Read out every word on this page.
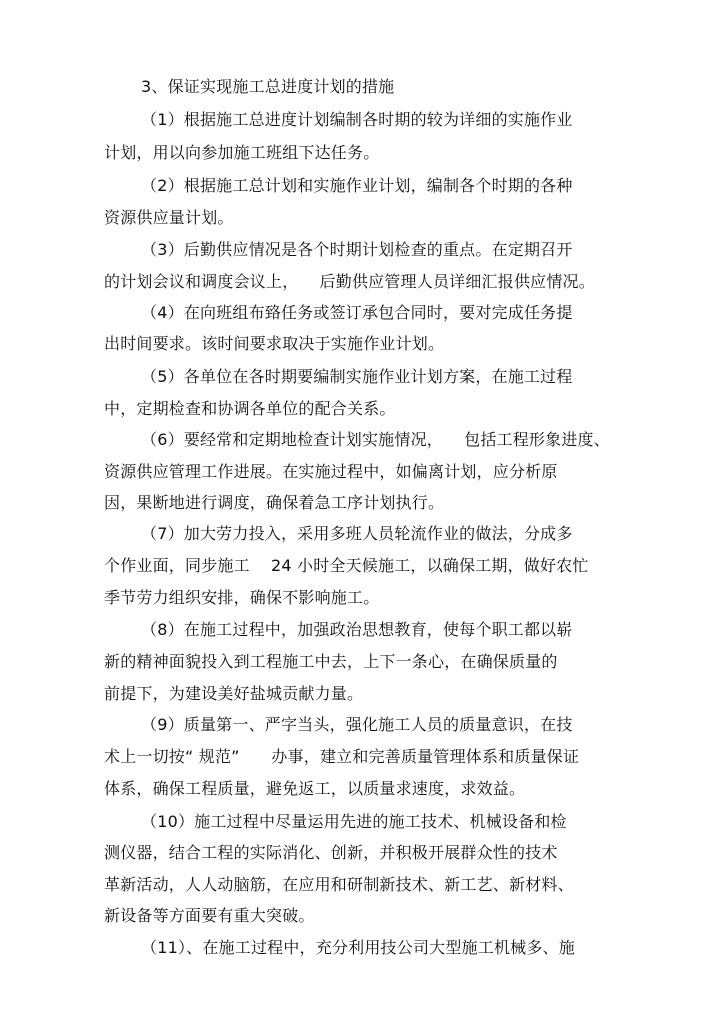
3、保证实现施工总进度计划的措施
（1）根据施工总进度计划编制各时期的较为详细的实施作业
计划，用以向参加施工班组下达任务。
（2）根据施工总计划和实施作业计划，编制各个时期的各种
资源供应量计划。
（3）后勤供应情况是各个时期计划检查的重点。在定期召开
的计划会议和调度会议上，    后勤供应管理人员详细汇报供应情况。
（4）在向班组布臵任务或签订承包合同时，要对完成任务提
出时间要求。该时间要求取决于实施作业计划。
（5）各单位在各时期要编制实施作业计划方案，在施工过程
中，定期检查和协调各单位的配合关系。
（6）要经常和定期地检查计划实施情况，    包括工程形象进度、
资源供应管理工作进展。在实施过程中，如偏离计划，应分析原
因，果断地进行调度，确保着急工序计划执行。
（7）加大劳力投入，采用多班人员轮流作业的做法，分成多
个作业面，同步施工    24 小时全天候施工，以确保工期，做好农忙
季节劳力组织安排，确保不影响施工。
（8）在施工过程中，加强政治思想教育，使每个职工都以崭
新的精神面貌投入到工程施工中去，上下一条心，在确保质量的
前提下，为建设美好盐城贡献力量。
（9）质量第一、严字当头，强化施工人员的质量意识，在技
术上一切按“ 规范”      办事，建立和完善质量管理体系和质量保证
体系，确保工程质量，避免返工，以质量求速度，求效益。
（10）施工过程中尽量运用先进的施工技术、机械设备和检
测仪器，结合工程的实际消化、创新，并积极开展群众性的技术
革新活动，人人动脑筋，在应用和研制新技术、新工艺、新材料、
新设备等方面要有重大突破。
（11）、在施工过程中，充分利用技公司大型施工机械多、施
